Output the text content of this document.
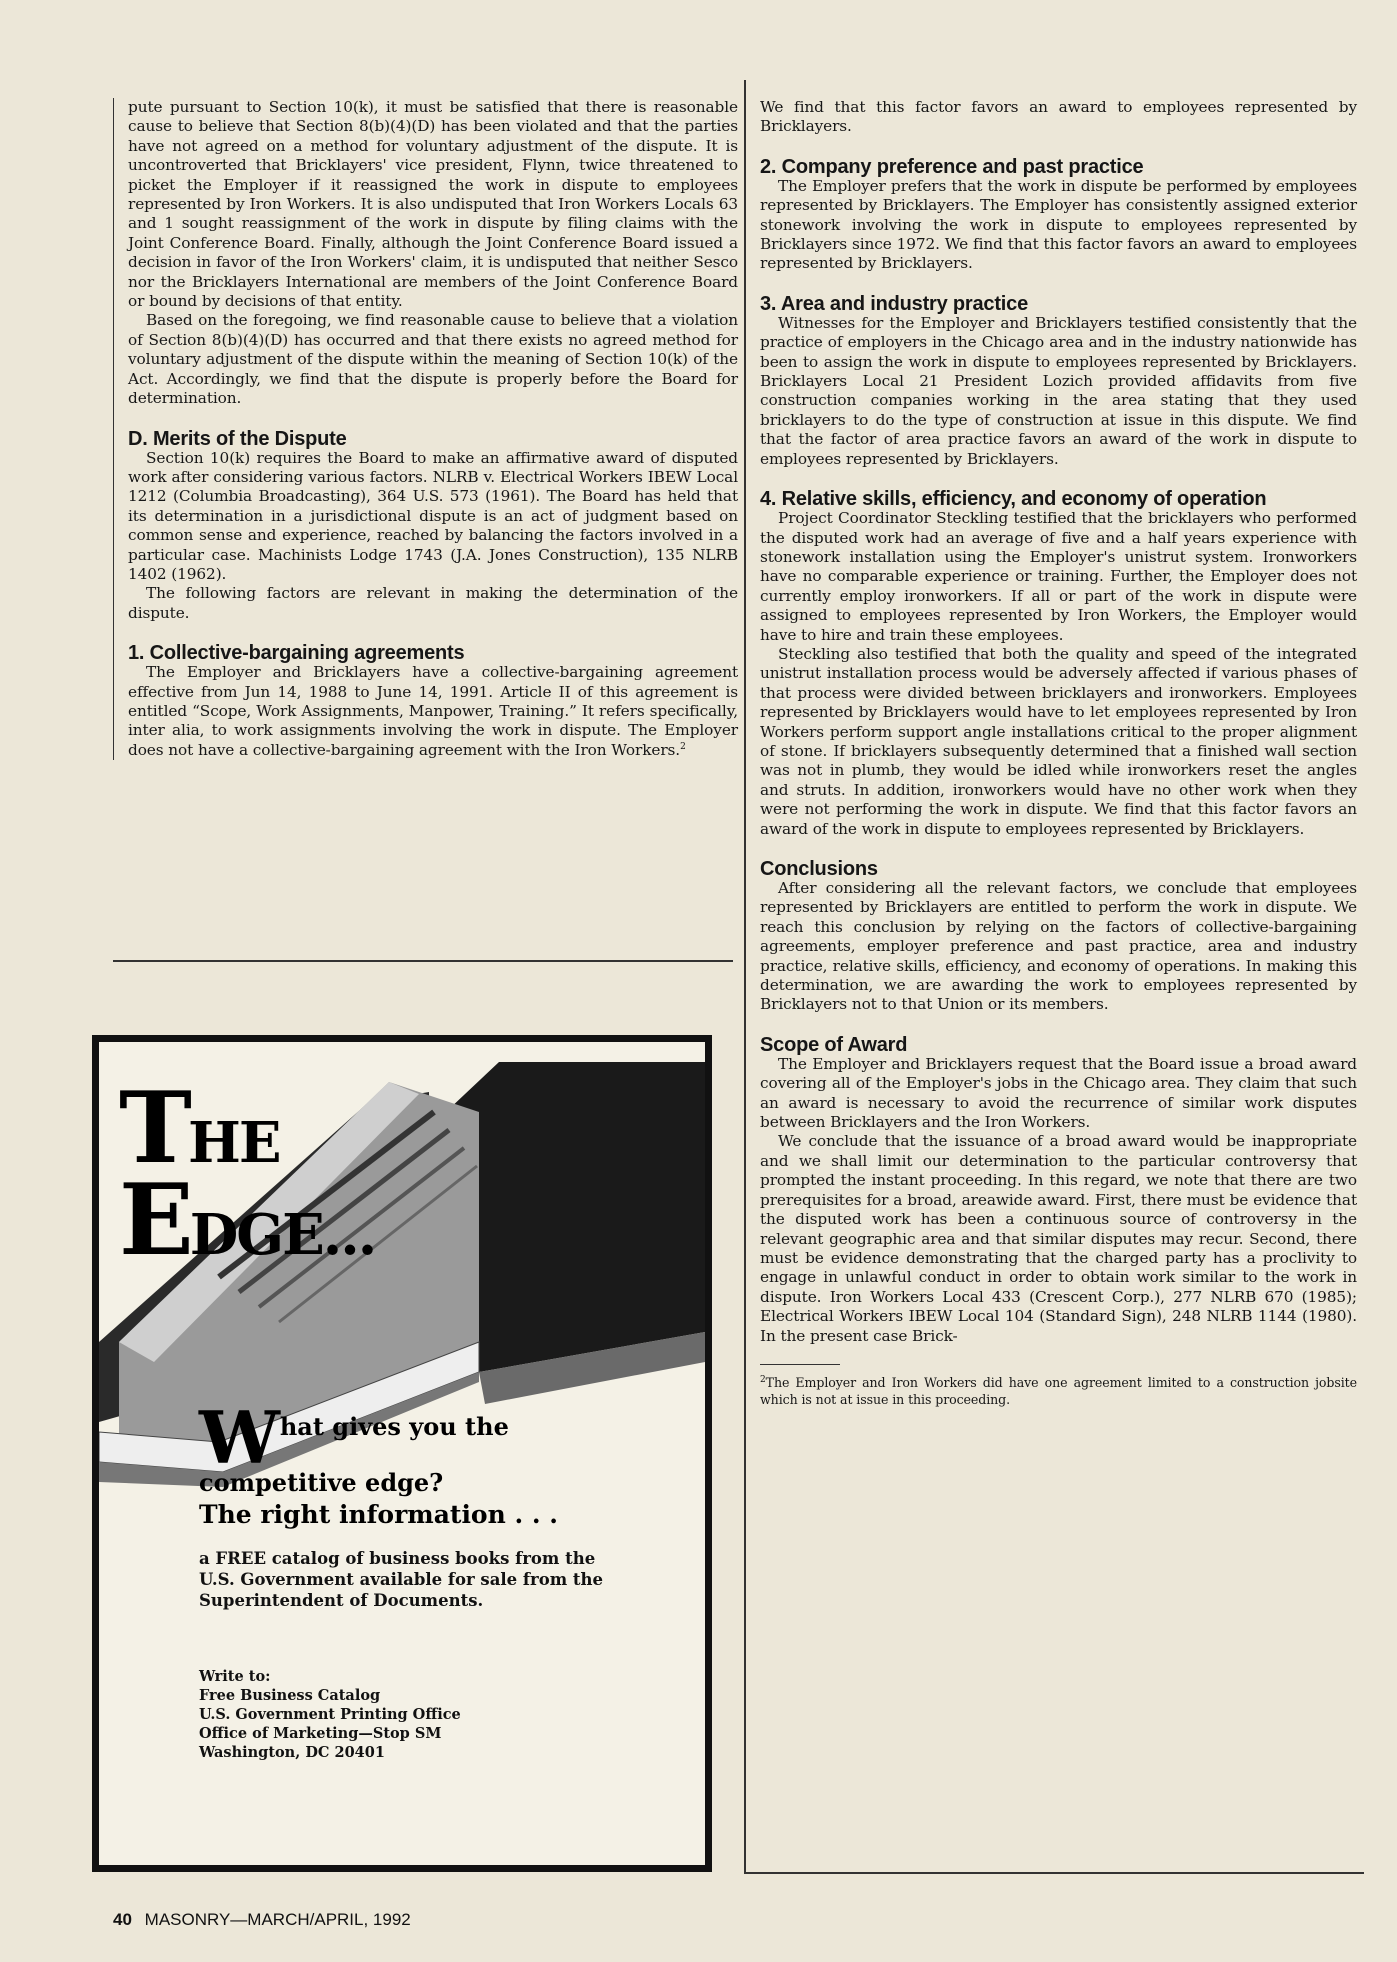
pute pursuant to Section 10(k), it must be satisfied that there is reasonable cause to believe that Section 8(b)(4)(D) has been violated and that the parties have not agreed on a method for voluntary adjustment of the dispute. It is uncontroverted that Bricklayers' vice president, Flynn, twice threatened to picket the Employer if it reassigned the work in dispute to employees represented by Iron Workers. It is also undisputed that Iron Workers Locals 63 and 1 sought reassignment of the work in dispute by filing claims with the Joint Conference Board. Finally, although the Joint Conference Board issued a decision in favor of the Iron Workers' claim, it is undisputed that neither Sesco nor the Bricklayers International are members of the Joint Conference Board or bound by decisions of that entity.

Based on the foregoing, we find reasonable cause to believe that a violation of Section 8(b)(4)(D) has occurred and that there exists no agreed method for voluntary adjustment of the dispute within the meaning of Section 10(k) of the Act. Accordingly, we find that the dispute is properly before the Board for determination.

D. Merits of the Dispute

Section 10(k) requires the Board to make an affirmative award of disputed work after considering various factors. NLRB v. Electrical Workers IBEW Local 1212 (Columbia Broadcasting), 364 U.S. 573 (1961). The Board has held that its determination in a jurisdictional dispute is an act of judgment based on common sense and experience, reached by balancing the factors involved in a particular case. Machinists Lodge 1743 (J.A. Jones Construction), 135 NLRB 1402 (1962).

The following factors are relevant in making the determination of the dispute.

1. Collective-bargaining agreements

The Employer and Bricklayers have a collective-bargaining agreement effective from Jun 14, 1988 to June 14, 1991. Article II of this agreement is entitled “Scope, Work Assignments, Manpower, Training.” It refers specifically, inter alia, to work assignments involving the work in dispute. The Employer does not have a collective-bargaining agreement with the Iron Workers.$^2$

We find that this factor favors an award to employees represented by Bricklayers.

2. Company preference and past practice

The Employer prefers that the work in dispute be performed by employees represented by Bricklayers. The Employer has consistently assigned exterior stonework involving the work in dispute to employees represented by Bricklayers since 1972. We find that this factor favors an award to employees represented by Bricklayers.

3. Area and industry practice

Witnesses for the Employer and Bricklayers testified consistently that the practice of employers in the Chicago area and in the industry nationwide has been to assign the work in dispute to employees represented by Bricklayers. Bricklayers Local 21 President Lozich provided affidavits from five construction companies working in the area stating that they used bricklayers to do the type of construction at issue in this dispute. We find that the factor of area practice favors an award of the work in dispute to employees represented by Bricklayers.

4. Relative skills, efficiency, and economy of operation

Project Coordinator Steckling testified that the bricklayers who performed the disputed work had an average of five and a half years experience with stonework installation using the Employer's unistrut system. Ironworkers have no comparable experience or training. Further, the Employer does not currently employ ironworkers. If all or part of the work in dispute were assigned to employees represented by Iron Workers, the Employer would have to hire and train these employees.

Steckling also testified that both the quality and speed of the integrated unistrut installation process would be adversely affected if various phases of that process were divided between bricklayers and ironworkers. Employees represented by Bricklayers would have to let employees represented by Iron Workers perform support angle installations critical to the proper alignment of stone. If bricklayers subsequently determined that a finished wall section was not in plumb, they would be idled while ironworkers reset the angles and struts. In addition, ironworkers would have no other work when they were not performing the work in dispute. We find that this factor favors an award of the work in dispute to employees represented by Bricklayers.

Conclusions

After considering all the relevant factors, we conclude that employees represented by Bricklayers are entitled to perform the work in dispute. We reach this conclusion by relying on the factors of collective-bargaining agreements, employer preference and past practice, area and industry practice, relative skills, efficiency, and economy of operations. In making this determination, we are awarding the work to employees represented by Bricklayers not to that Union or its members.

Scope of Award

The Employer and Bricklayers request that the Board issue a broad award covering all of the Employer's jobs in the Chicago area. They claim that such an award is necessary to avoid the recurrence of similar work disputes between Bricklayers and the Iron Workers.

We conclude that the issuance of a broad award would be inappropriate and we shall limit our determination to the particular controversy that prompted the instant proceeding. In this regard, we note that there are two prerequisites for a broad, areawide award. First, there must be evidence that the disputed work has been a continuous source of controversy in the relevant geographic area and that similar disputes may recur. Second, there must be evidence demonstrating that the charged party has a proclivity to engage in unlawful conduct in order to obtain work similar to the work in dispute. Iron Workers Local 433 (Crescent Corp.), 277 NLRB 670 (1985); Electrical Workers IBEW Local 104 (Standard Sign), 248 NLRB 1144 (1980). In the present case Brick-

$^2$The Employer and Iron Workers did have one agreement limited to a construction jobsite which is not at issue in this proceeding.
THE
EDGE...
W hat gives you the
competitive edge?
The right information . . .
a FREE catalog of business books from the U.S. Government available for sale from the Superintendent of Documents.
Write to:
Free Business Catalog
U.S. Government Printing Office
Office of Marketing—Stop SM
Washington, DC 20401
40 MASONRY—MARCH/APRIL, 1992
